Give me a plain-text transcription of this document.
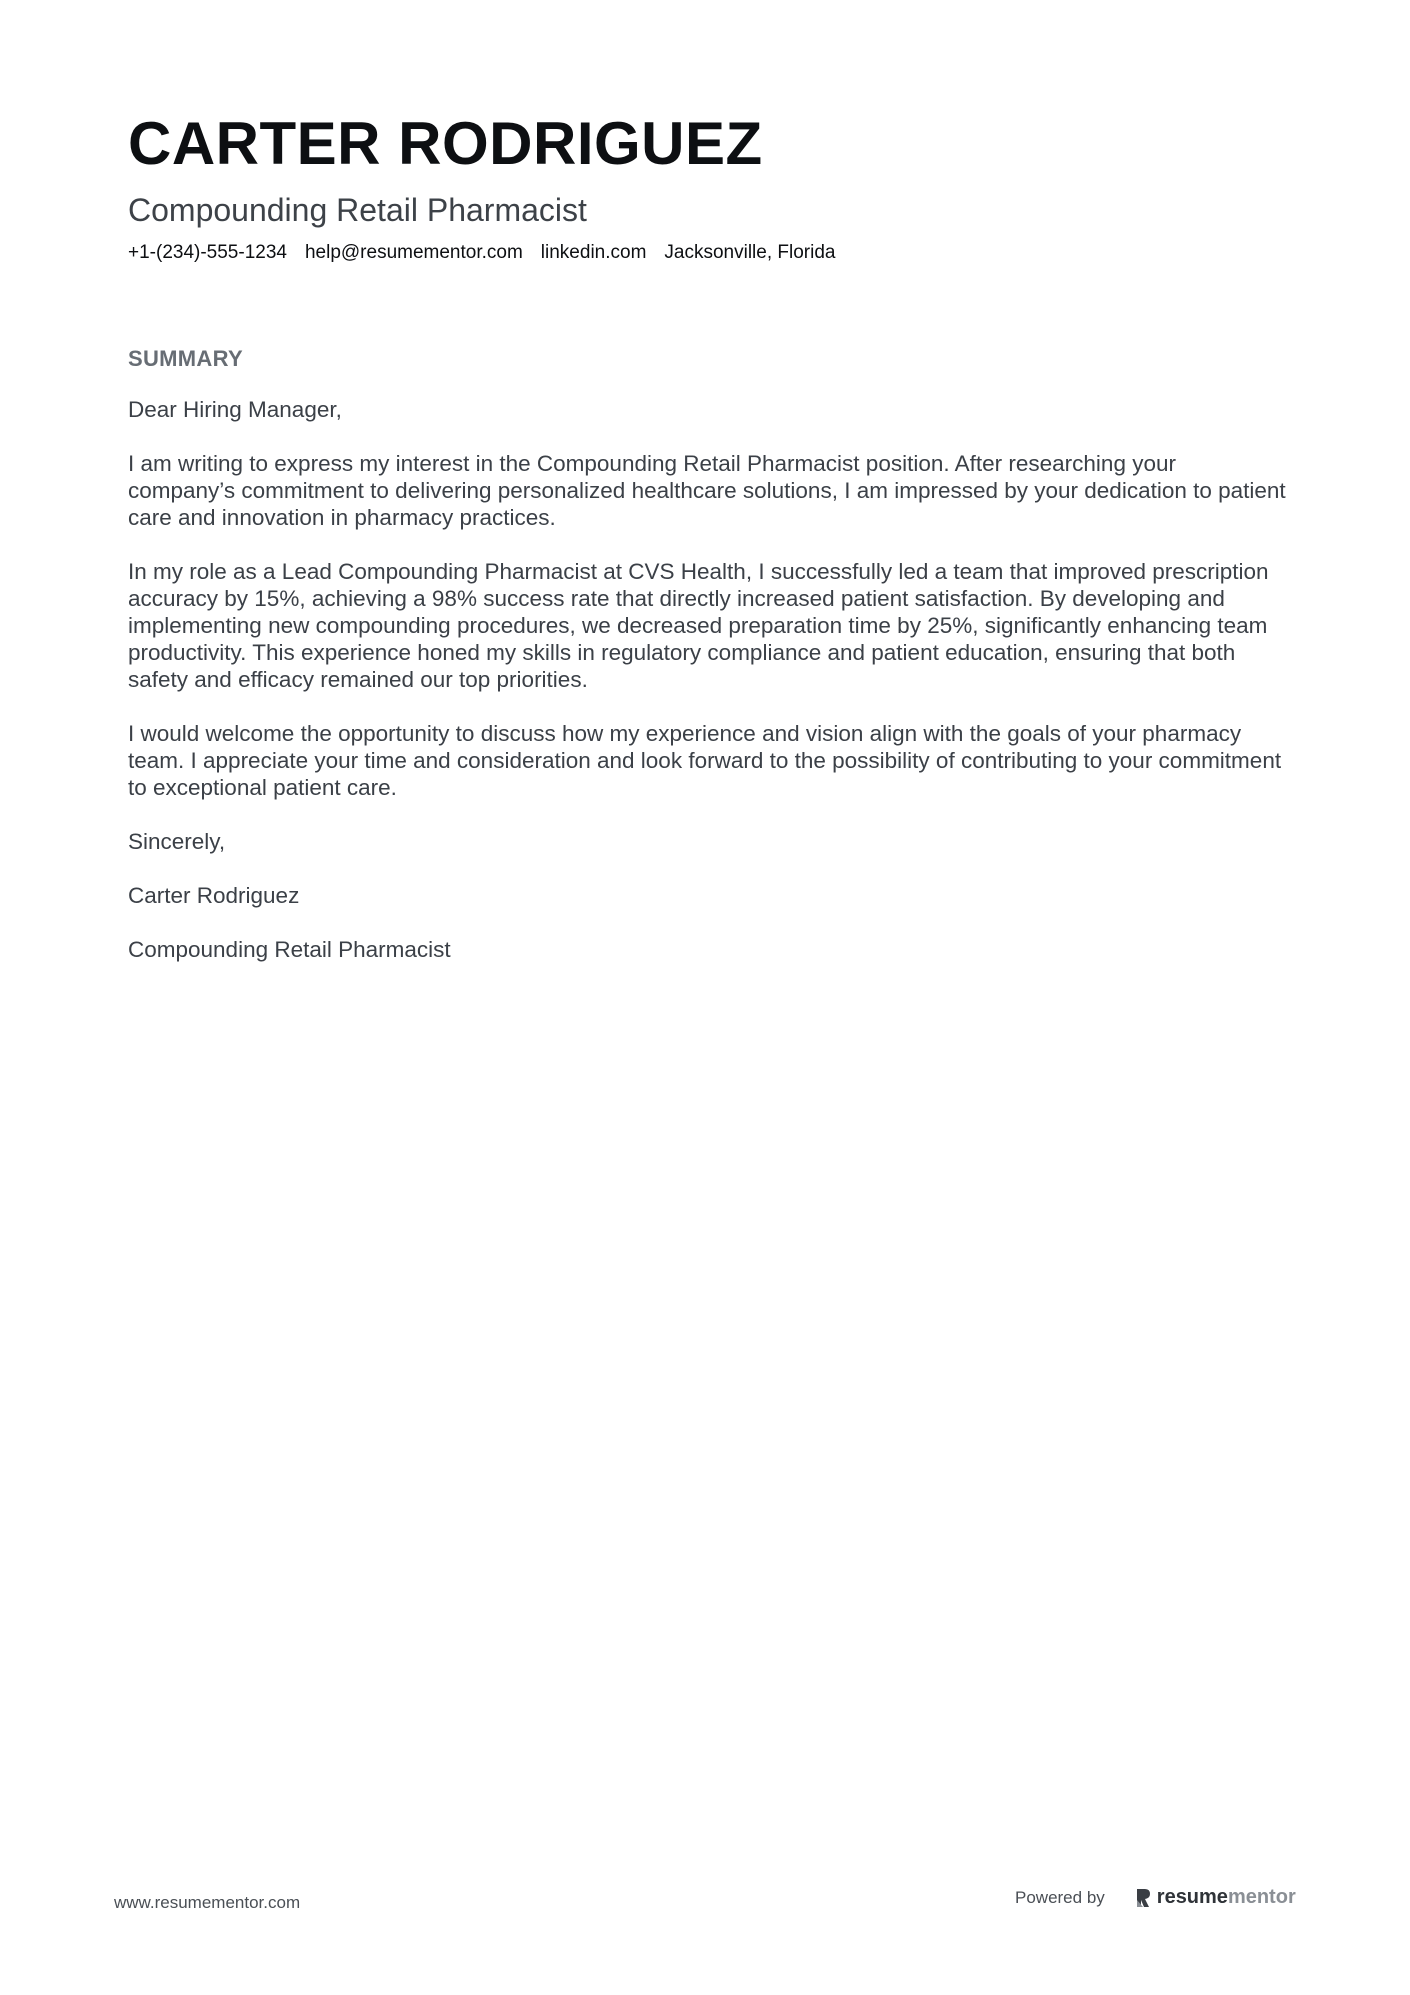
CARTER RODRIGUEZ
Compounding Retail Pharmacist
+1-(234)-555-1234 help@resumementor.com linkedin.com Jacksonville, Florida
SUMMARY

Dear Hiring Manager,

I am writing to express my interest in the Compounding Retail Pharmacist position. After researching your company’s commitment to delivering personalized healthcare solutions, I am impressed by your dedication to patient care and innovation in pharmacy practices.

In my role as a Lead Compounding Pharmacist at CVS Health, I successfully led a team that improved prescription accuracy by 15%, achieving a 98% success rate that directly increased patient satisfaction. By developing and implementing new compounding procedures, we decreased preparation time by 25%, significantly enhancing team productivity. This experience honed my skills in regulatory compliance and patient education, ensuring that both safety and efficacy remained our top priorities.

I would welcome the opportunity to discuss how my experience and vision align with the goals of your pharmacy team. I appreciate your time and consideration and look forward to the possibility of contributing to your commitment to exceptional patient care.

Sincerely,

Carter Rodriguez

Compounding Retail Pharmacist

www.resumementor.com	Powered by	resume mentor
